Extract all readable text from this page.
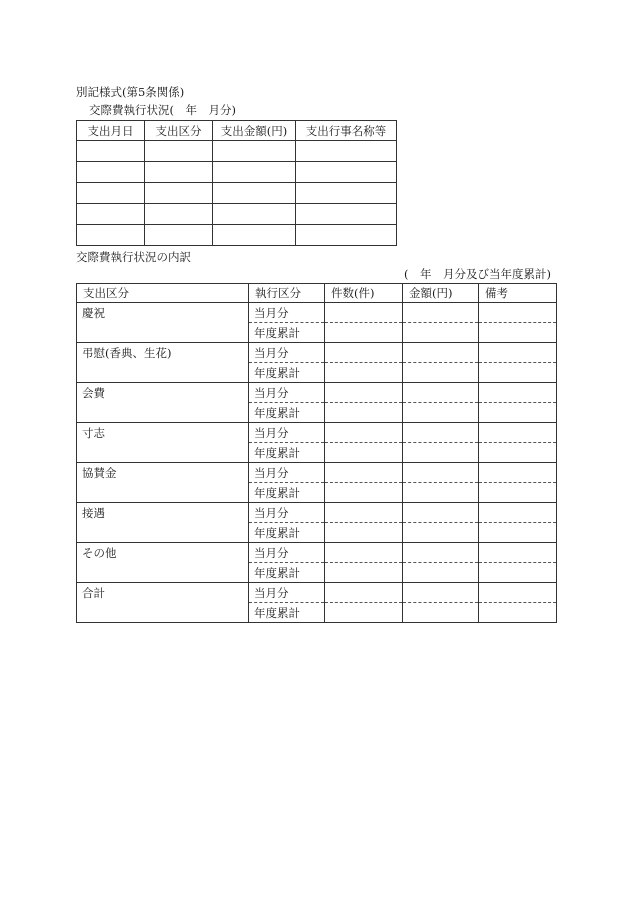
別記様式(第5条関係)
交際費執行状況(　年　月分)
支出月日	支出区分	支出金額(円)	支出行事名称等

交際費執行状況の内訳
(　年　月分及び当年度累計)
支出区分	執行区分	件数(件)	金額(円)	備考
慶祝	当月分			
	年度累計			
弔慰(香典、生花)	当月分			
	年度累計			
会費	当月分			
	年度累計			
寸志	当月分			
	年度累計			
協賛金	当月分			
	年度累計			
接遇	当月分			
	年度累計			
その他	当月分			
	年度累計			
合計	当月分			
	年度累計			
